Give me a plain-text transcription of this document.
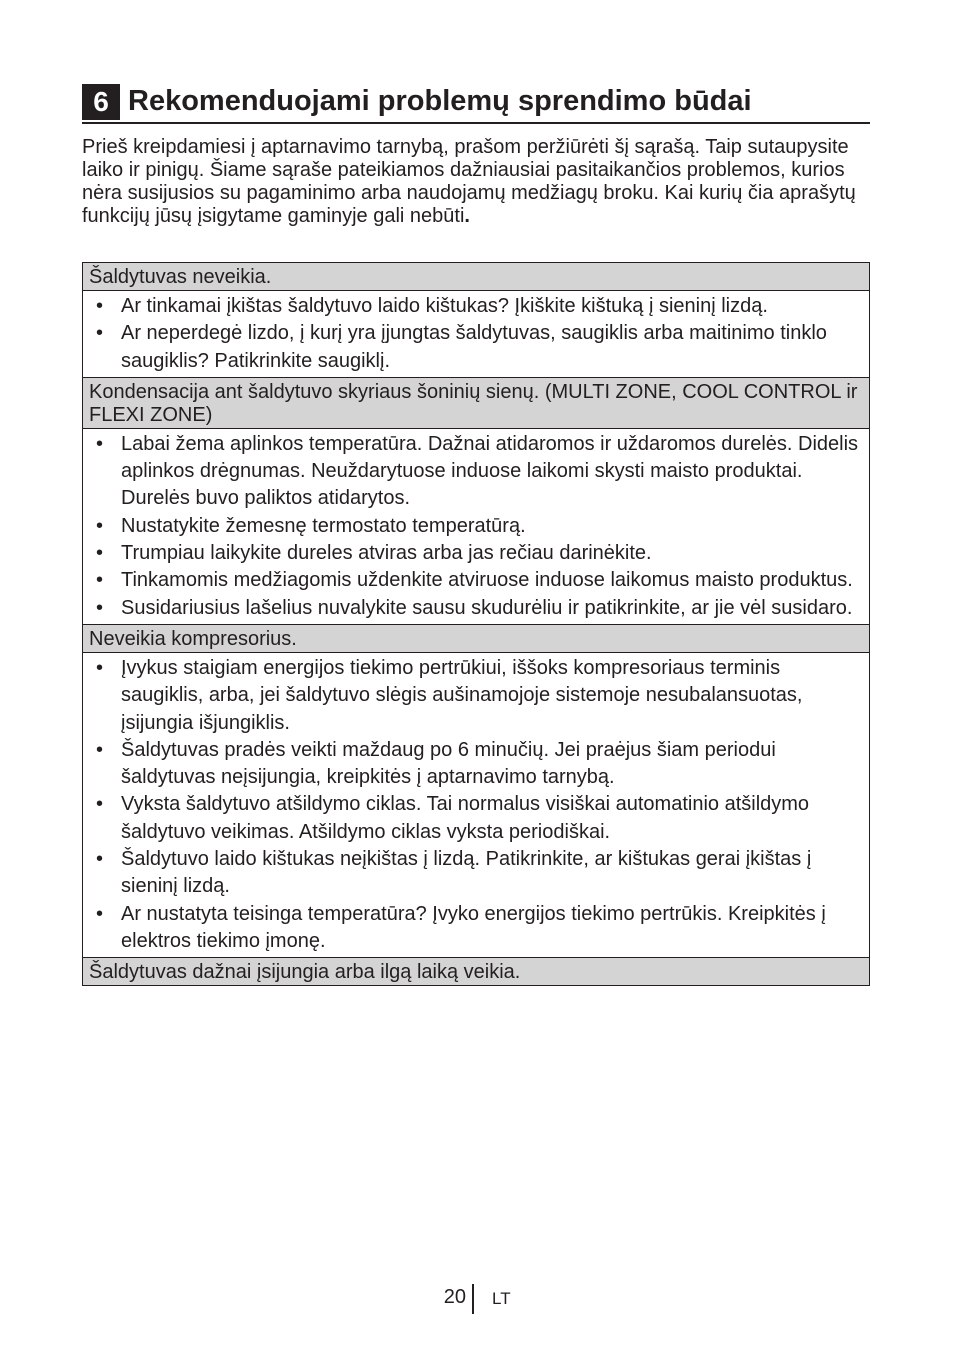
6 Rekomenduojami problemų sprendimo būdai

Prieš kreipdamiesi į aptarnavimo tarnybą, prašom peržiūrėti šį sąrašą. Taip sutaupysite laiko ir pinigų. Šiame sąraše pateikiamos dažniausiai pasitaikančios problemos, kurios nėra susijusios su pagaminimo arba naudojamų medžiagų broku. Kai kurių čia aprašytų funkcijų jūsų įsigytame gaminyje gali nebūti.

Šaldytuvas neveikia.
• Ar tinkamai įkištas šaldytuvo laido kištukas? Įkiškite kištuką į sieninį lizdą.
• Ar neperdegė lizdo, į kurį yra įjungtas šaldytuvas, saugiklis arba maitinimo tinklo saugiklis? Patikrinkite saugiklį.
Kondensacija ant šaldytuvo skyriaus šoninių sienų. (MULTI ZONE, COOL CONTROL ir FLEXI ZONE)
• Labai žema aplinkos temperatūra. Dažnai atidaromos ir uždaromos durelės. Didelis aplinkos drėgnumas. Neuždarytuose induose laikomi skysti maisto produktai. Durelės buvo paliktos atidarytos.
• Nustatykite žemesnę termostato temperatūrą.
• Trumpiau laikykite dureles atviras arba jas rečiau darinėkite.
• Tinkamomis medžiagomis uždenkite atviruose induose laikomus maisto produktus.
• Susidariusius lašelius nuvalykite sausu skudurėliu ir patikrinkite, ar jie vėl susidaro.
Neveikia kompresorius.
• Įvykus staigiam energijos tiekimo pertrūkiui, iššoks kompresoriaus terminis saugiklis, arba, jei šaldytuvo slėgis aušinamojoje sistemoje nesubalansuotas, įsijungia išjungiklis.
• Šaldytuvas pradės veikti maždaug po 6 minučių. Jei praėjus šiam periodui šaldytuvas neįsijungia, kreipkitės į aptarnavimo tarnybą.
• Vyksta šaldytuvo atšildymo ciklas. Tai normalus visiškai automatinio atšildymo šaldytuvo veikimas. Atšildymo ciklas vyksta periodiškai.
• Šaldytuvo laido kištukas neįkištas į lizdą. Patikrinkite, ar kištukas gerai įkištas į sieninį lizdą.
• Ar nustatyta teisinga temperatūra? Įvyko energijos tiekimo pertrūkis. Kreipkitės į elektros tiekimo įmonę.
Šaldytuvas dažnai įsijungia arba ilgą laiką veikia.
20 LT
